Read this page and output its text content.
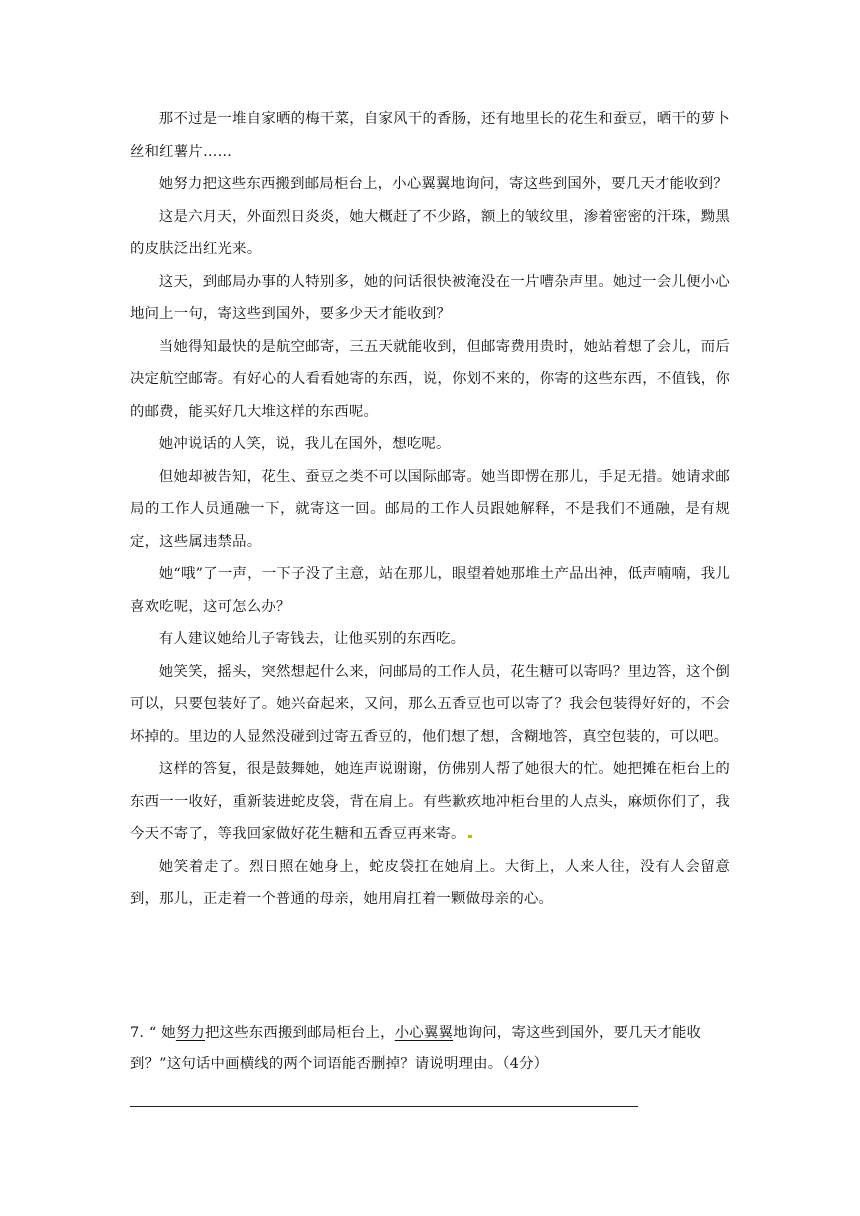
那不过是一堆自家晒的梅干菜，自家风干的香肠，还有地里长的花生和蚕豆，晒干的萝卜丝和红薯片……

她努力把这些东西搬到邮局柜台上，小心翼翼地询问，寄这些到国外，要几天才能收到？

这是六月天，外面烈日炎炎，她大概赶了不少路，额上的皱纹里，渗着密密的汗珠，黝黑的皮肤泛出红光来。

这天，到邮局办事的人特别多，她的问话很快被淹没在一片嘈杂声里。她过一会儿便小心地问上一句，寄这些到国外，要多少天才能收到？

当她得知最快的是航空邮寄，三五天就能收到，但邮寄费用贵时，她站着想了会儿，而后决定航空邮寄。有好心的人看看她寄的东西，说，你划不来的，你寄的这些东西，不值钱，你的邮费，能买好几大堆这样的东西呢。

她冲说话的人笑，说，我儿在国外，想吃呢。

但她却被告知，花生、蚕豆之类不可以国际邮寄。她当即愣在那儿，手足无措。她请求邮局的工作人员通融一下，就寄这一回。邮局的工作人员跟她解释，不是我们不通融，是有规定，这些属违禁品。

她“哦”了一声，一下子没了主意，站在那儿，眼望着她那堆土产品出神，低声喃喃，我儿喜欢吃呢，这可怎么办？

有人建议她给儿子寄钱去，让他买别的东西吃。

她笑笑，摇头，突然想起什么来，问邮局的工作人员，花生糖可以寄吗？里边答，这个倒可以，只要包装好了。她兴奋起来，又问，那么五香豆也可以寄了？我会包装得好好的，不会坏掉的。里边的人显然没碰到过寄五香豆的，他们想了想，含糊地答，真空包装的，可以吧。

这样的答复，很是鼓舞她，她连声说谢谢，仿佛别人帮了她很大的忙。她把摊在柜台上的东西一一收好，重新装进蛇皮袋，背在肩上。有些歉疚地冲柜台里的人点头，麻烦你们了，我今天不寄了，等我回家做好花生糖和五香豆再来寄。

她笑着走了。烈日照在她身上，蛇皮袋扛在她肩上。大街上，人来人往，没有人会留意到，那儿，正走着一个普通的母亲，她用肩扛着一颗做母亲的心。

7. “ 她努力把这些东西搬到邮局柜台上，小心翼翼地询问，寄这些到国外，要几天才能收到？”这句话中画横线的两个词语能否删掉？请说明理由。（4分）
